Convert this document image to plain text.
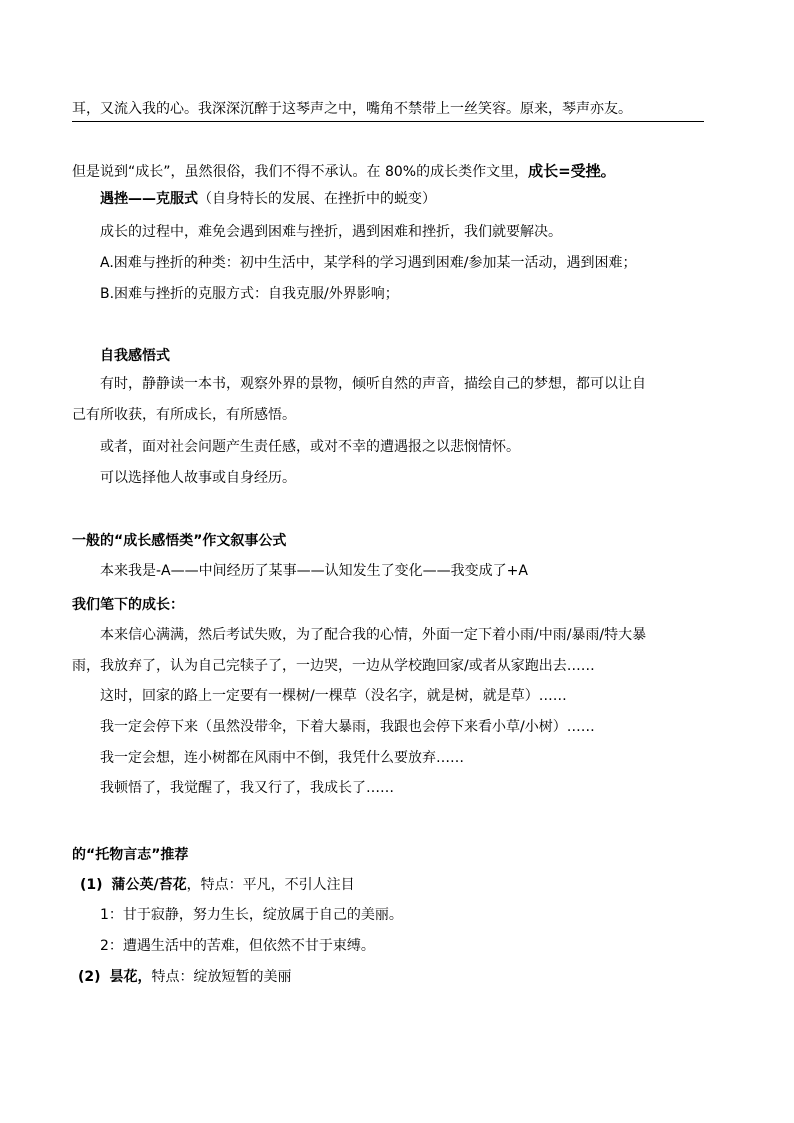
耳，又流入我的心。我深深沉醉于这琴声之中，嘴角不禁带上一丝笑容。原来，琴声亦友。
但是说到“成长”，虽然很俗，我们不得不承认。在 80%的成长类作文里，成长=受挫。
遇挫——克服式（自身特长的发展、在挫折中的蜕变）
成长的过程中，难免会遇到困难与挫折，遇到困难和挫折，我们就要解决。
A.困难与挫折的种类：初中生活中，某学科的学习遇到困难/参加某一活动，遇到困难；
B.困难与挫折的克服方式：自我克服/外界影响；
自我感悟式
有时，静静读一本书，观察外界的景物，倾听自然的声音，描绘自己的梦想，都可以让自
己有所收获，有所成长，有所感悟。
或者，面对社会问题产生责任感，或对不幸的遭遇报之以悲悯情怀。
可以选择他人故事或自身经历。
一般的“成长感悟类”作文叙事公式
本来我是-A——中间经历了某事——认知发生了变化——我变成了+A
我们笔下的成长：
本来信心满满，然后考试失败，为了配合我的心情，外面一定下着小雨/中雨/暴雨/特大暴
雨，我放弃了，认为自己完犊子了，一边哭，一边从学校跑回家/或者从家跑出去……
这时，回家的路上一定要有一棵树/一棵草（没名字，就是树，就是草）……
我一定会停下来（虽然没带伞，下着大暴雨，我跟也会停下来看小草/小树）……
我一定会想，连小树都在风雨中不倒，我凭什么要放弃……
我顿悟了，我觉醒了，我又行了，我成长了……
的“托物言志”推荐
(1) 蒲公英/苔花，特点：平凡，不引人注目
1：甘于寂静，努力生长，绽放属于自己的美丽。
2：遭遇生活中的苦难，但依然不甘于束缚。
(2) 昙花，特点：绽放短暂的美丽
